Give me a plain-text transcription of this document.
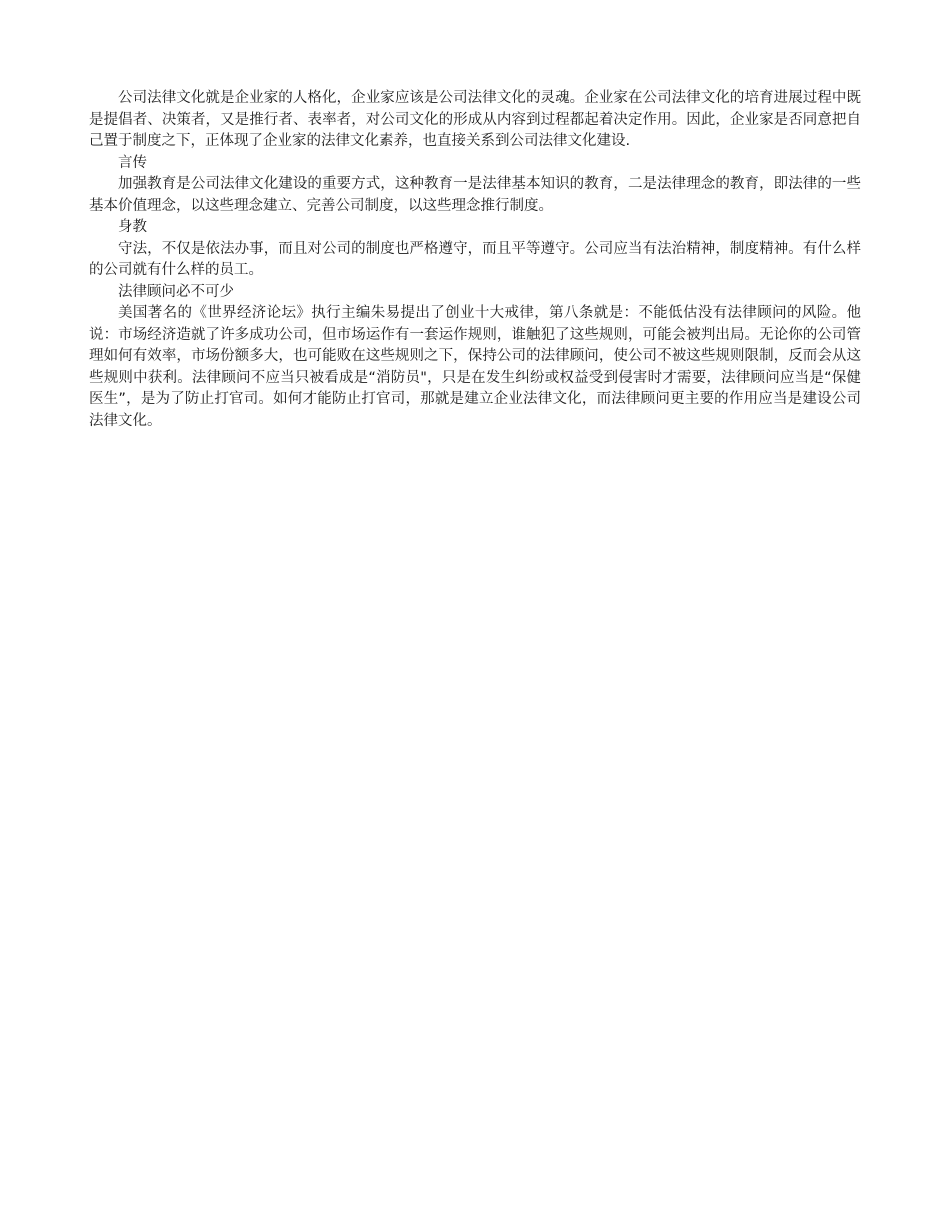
公司法律文化就是企业家的人格化，企业家应该是公司法律文化的灵魂。企业家在公司法律文化的培育进展过程中既是提倡者、决策者，又是推行者、表率者，对公司文化的形成从内容到过程都起着决定作用。因此，企业家是否同意把自己置于制度之下，正体现了企业家的法律文化素养，也直接关系到公司法律文化建设.

言传

加强教育是公司法律文化建设的重要方式，这种教育一是法律基本知识的教育，二是法律理念的教育，即法律的一些基本价值理念，以这些理念建立、完善公司制度，以这些理念推行制度。

身教

守法，不仅是依法办事，而且对公司的制度也严格遵守，而且平等遵守。公司应当有法治精神，制度精神。有什么样的公司就有什么样的员工。

法律顾问必不可少

美国著名的《世界经济论坛》执行主编朱易提出了创业十大戒律，第八条就是：不能低估没有法律顾问的风险。他说：市场经济造就了许多成功公司，但市场运作有一套运作规则，谁触犯了这些规则，可能会被判出局。无论你的公司管理如何有效率，市场份额多大，也可能败在这些规则之下，保持公司的法律顾问，使公司不被这些规则限制，反而会从这些规则中获利。法律顾问不应当只被看成是“消防员"，只是在发生纠纷或权益受到侵害时才需要，法律顾问应当是“保健医生”，是为了防止打官司。如何才能防止打官司，那就是建立企业法律文化，而法律顾问更主要的作用应当是建设公司法律文化。
